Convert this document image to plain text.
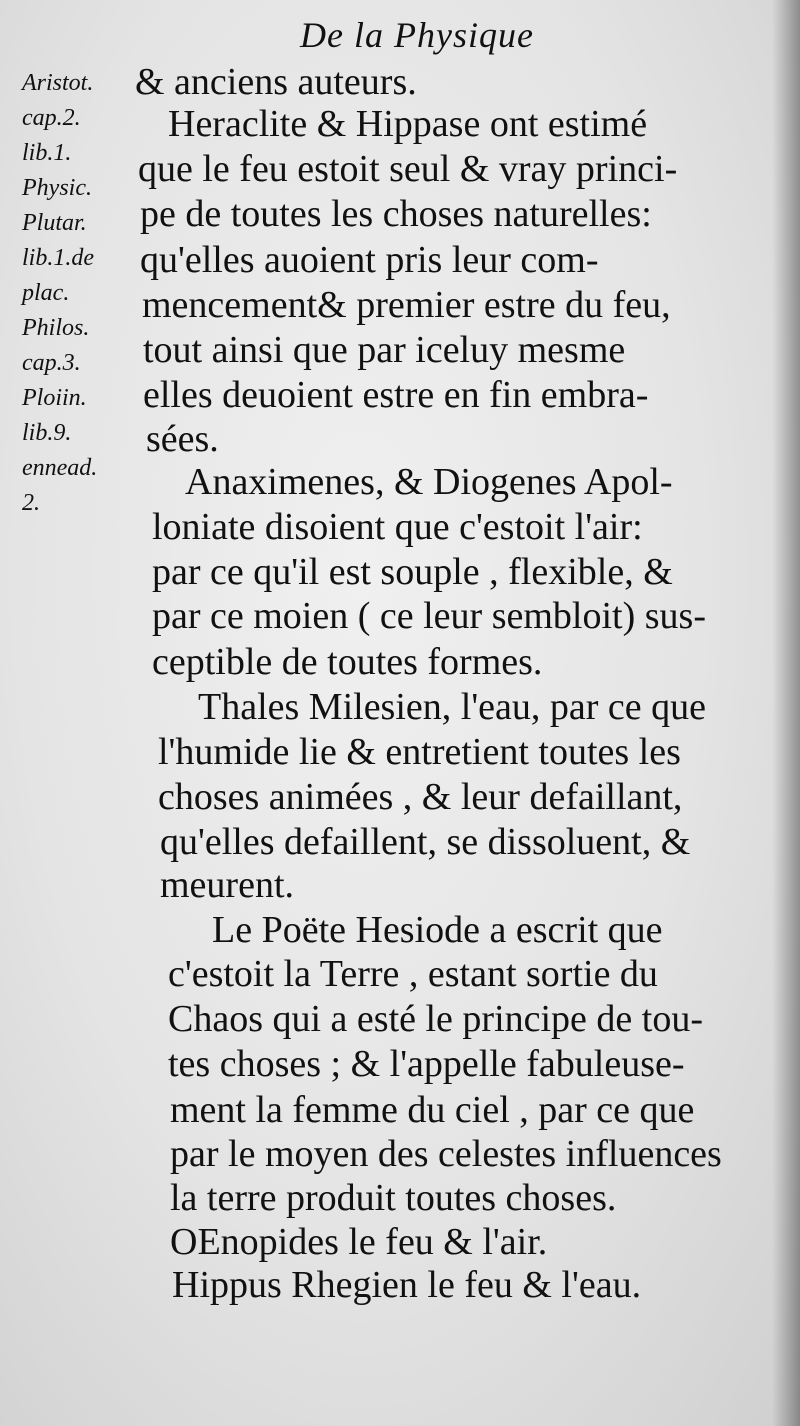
De la Physique
Aristot.
cap.2.
lib.1.
Physic.
Plutar.
lib.1.de
plac.
Philos.
cap.3.
Ploiin.
lib.9.
ennead.
2.
& anciens auteurs.
Heraclite & Hippase ont estimé
que le feu estoit seul & vray princi-
pe de toutes les choses naturelles:
qu'elles auoient pris leur com-
mencement& premier estre du feu,
tout ainsi que par iceluy mesme
elles deuoient estre en fin embra-
sées.
Anaximenes, & Diogenes Apol-
loniate disoient que c'estoit l'air:
par ce qu'il est souple , flexible, &
par ce moien ( ce leur sembloit) sus-
ceptible de toutes formes.
Thales Milesien, l'eau, par ce que
l'humide lie & entretient toutes les
choses animées , & leur defaillant,
qu'elles defaillent, se dissoluent, &
meurent.
Le Poëte Hesiode a escrit que
c'estoit la Terre , estant sortie du
Chaos qui a esté le principe de tou-
tes choses ; & l'appelle fabuleuse-
ment la femme du ciel , par ce que
par le moyen des celestes influences
la terre produit toutes choses.
OEnopides le feu & l'air.
Hippus Rhegien le feu & l'eau.
